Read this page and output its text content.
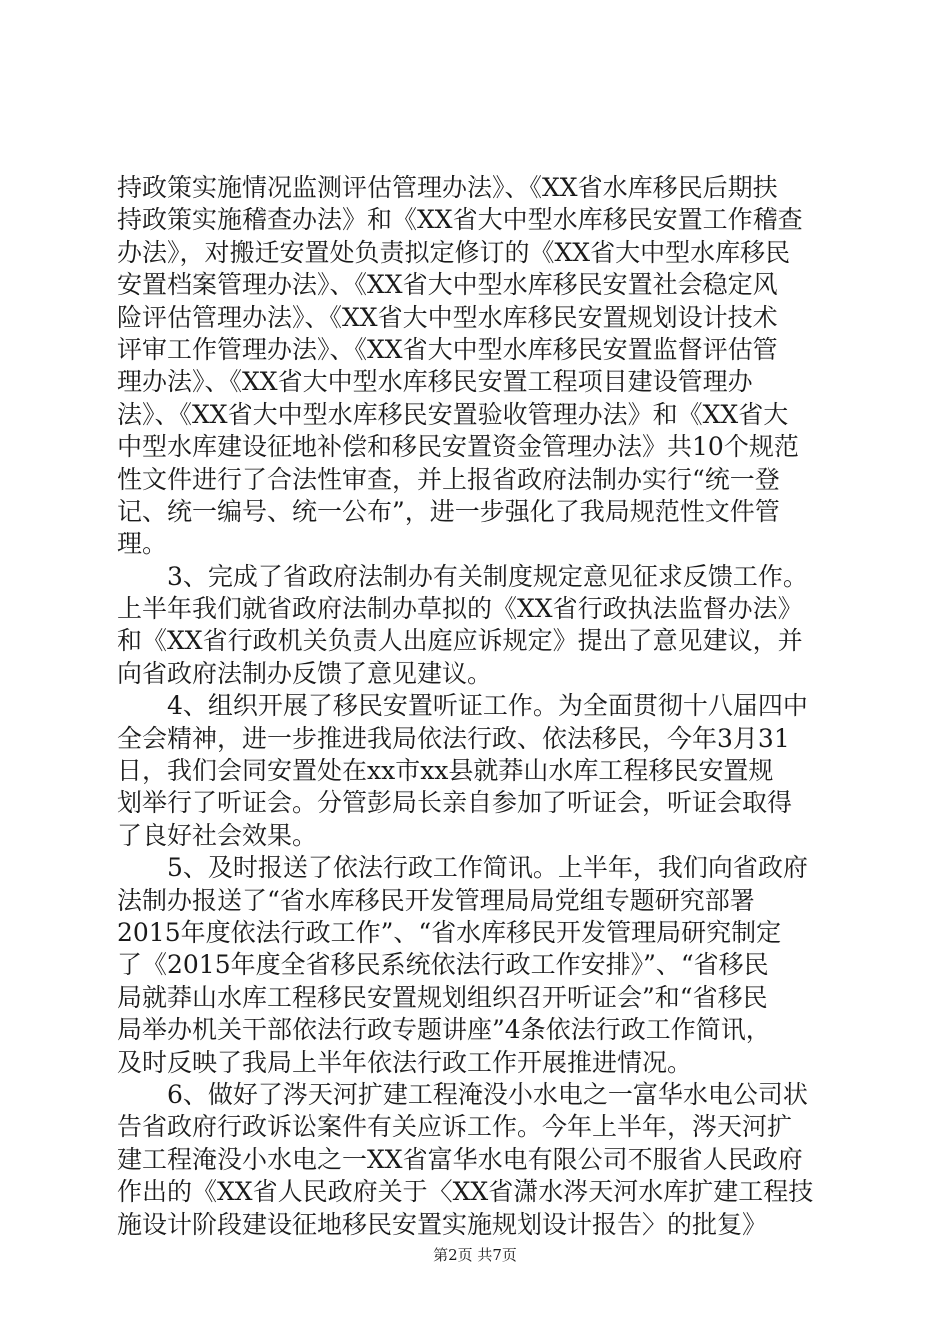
持政策实施情况监测评估管理办法》、《XX省水库移民后期扶
持政策实施稽查办法》和《XX省大中型水库移民安置工作稽查
办法》，对搬迁安置处负责拟定修订的《XX省大中型水库移民
安置档案管理办法》、《XX省大中型水库移民安置社会稳定风
险评估管理办法》、《XX省大中型水库移民安置规划设计技术
评审工作管理办法》、《XX省大中型水库移民安置监督评估管
理办法》、《XX省大中型水库移民安置工程项目建设管理办
法》、《XX省大中型水库移民安置验收管理办法》和《XX省大
中型水库建设征地补偿和移民安置资金管理办法》共10个规范
性文件进行了合法性审查，并上报省政府法制办实行“统一登
记、统一编号、统一公布”，进一步强化了我局规范性文件管
理。
3、完成了省政府法制办有关制度规定意见征求反馈工作。
上半年我们就省政府法制办草拟的《XX省行政执法监督办法》
和《XX省行政机关负责人出庭应诉规定》提出了意见建议，并
向省政府法制办反馈了意见建议。
4、组织开展了移民安置听证工作。为全面贯彻十八届四中
全会精神，进一步推进我局依法行政、依法移民，今年3月31
日，我们会同安置处在xx市xx县就莽山水库工程移民安置规
划举行了听证会。分管彭局长亲自参加了听证会，听证会取得
了良好社会效果。
5、及时报送了依法行政工作简讯。上半年，我们向省政府
法制办报送了“省水库移民开发管理局局党组专题研究部署
2015年度依法行政工作”、“省水库移民开发管理局研究制定
了《2015年度全省移民系统依法行政工作安排》”、“省移民
局就莽山水库工程移民安置规划组织召开听证会”和“省移民
局举办机关干部依法行政专题讲座”4条依法行政工作简讯，
及时反映了我局上半年依法行政工作开展推进情况。
6、做好了涔天河扩建工程淹没小水电之一富华水电公司状
告省政府行政诉讼案件有关应诉工作。今年上半年，涔天河扩
建工程淹没小水电之一XX省富华水电有限公司不服省人民政府
作出的《XX省人民政府关于〈XX省潇水涔天河水库扩建工程技
施设计阶段建设征地移民安置实施规划设计报告〉的批复》
第2页 共7页
